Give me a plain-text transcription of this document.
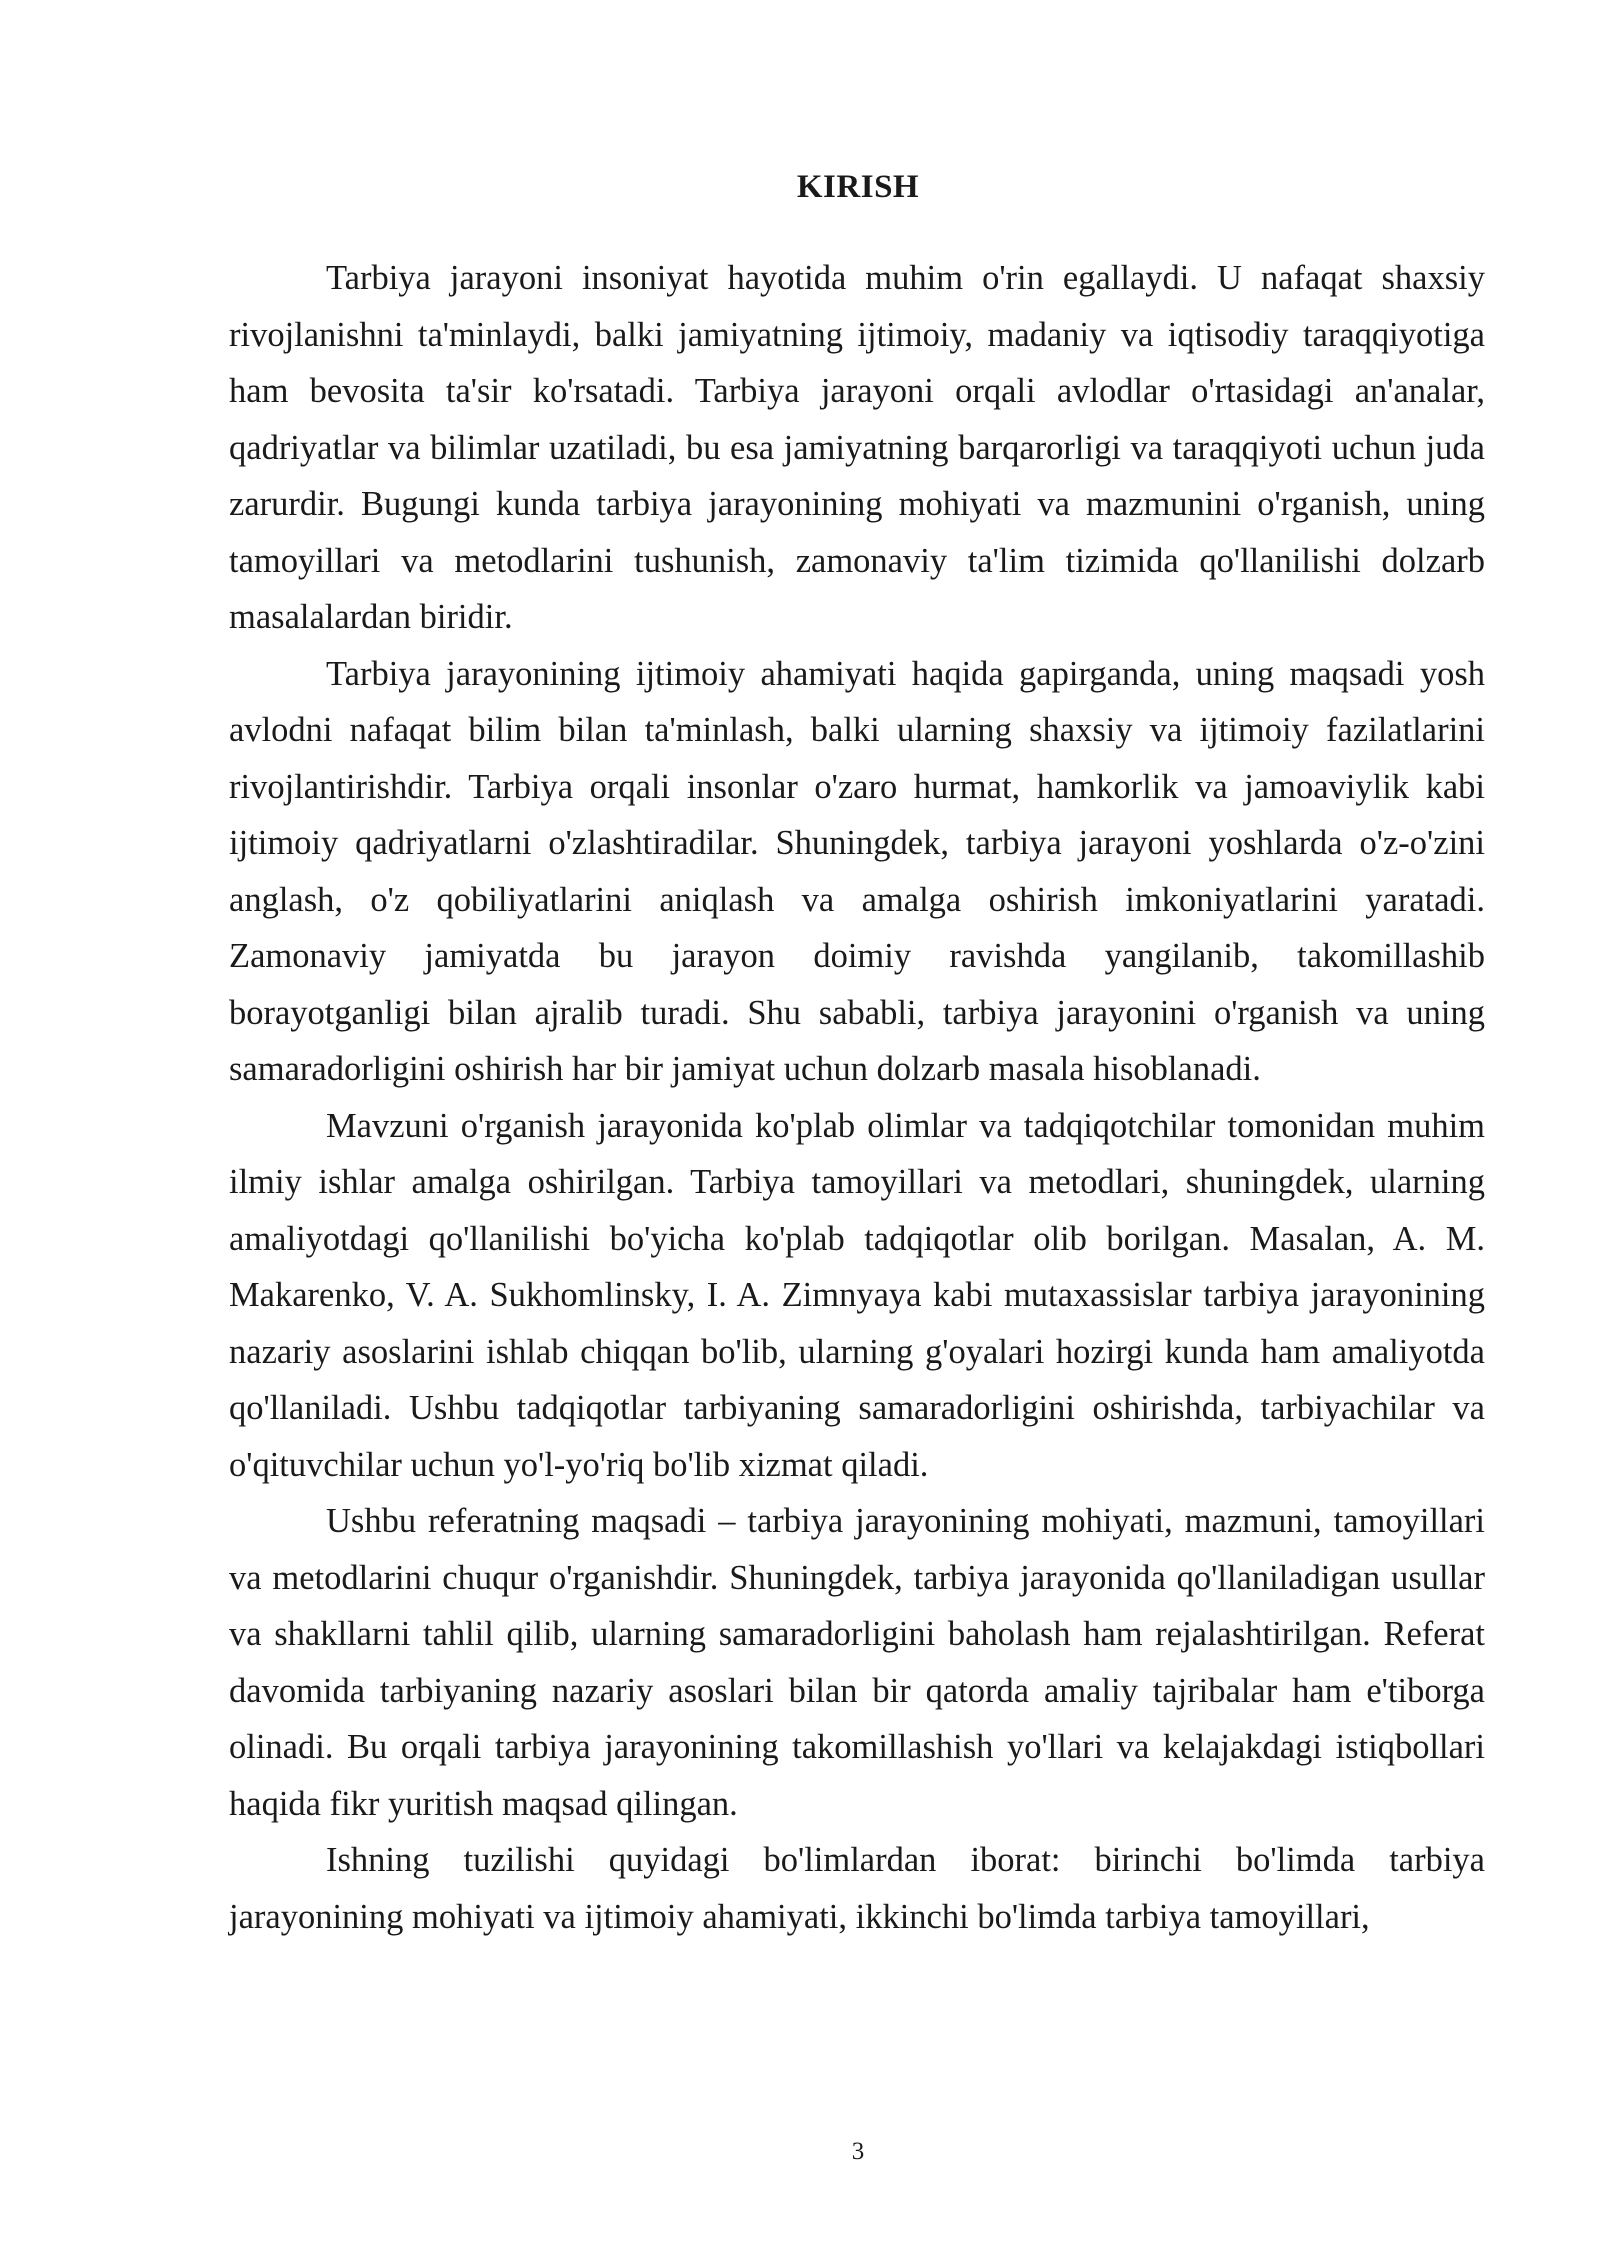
KIRISH

Tarbiya jarayoni insoniyat hayotida muhim o'rin egallaydi. U nafaqat shaxsiy rivojlanishni ta'minlaydi, balki jamiyatning ijtimoiy, madaniy va iqtisodiy taraqqiyotiga ham bevosita ta'sir ko'rsatadi. Tarbiya jarayoni orqali avlodlar o'rtasidagi an'analar, qadriyatlar va bilimlar uzatiladi, bu esa jamiyatning barqarorligi va taraqqiyoti uchun juda zarurdir. Bugungi kunda tarbiya jarayonining mohiyati va mazmunini o'rganish, uning tamoyillari va metodlarini tushunish, zamonaviy ta'lim tizimida qo'llanilishi dolzarb masalalardan biridir.

Tarbiya jarayonining ijtimoiy ahamiyati haqida gapirganda, uning maqsadi yosh avlodni nafaqat bilim bilan ta'minlash, balki ularning shaxsiy va ijtimoiy fazilatlarini rivojlantirishdir. Tarbiya orqali insonlar o'zaro hurmat, hamkorlik va jamoaviylik kabi ijtimoiy qadriyatlarni o'zlashtiradilar. Shuningdek, tarbiya jarayoni yoshlarda o'z-o'zini anglash, o'z qobiliyatlarini aniqlash va amalga oshirish imkoniyatlarini yaratadi. Zamonaviy jamiyatda bu jarayon doimiy ravishda yangilanib, takomillashib borayotganligi bilan ajralib turadi. Shu sababli, tarbiya jarayonini o'rganish va uning samaradorligini oshirish har bir jamiyat uchun dolzarb masala hisoblanadi.

Mavzuni o'rganish jarayonida ko'plab olimlar va tadqiqotchilar tomonidan muhim ilmiy ishlar amalga oshirilgan. Tarbiya tamoyillari va metodlari, shuningdek, ularning amaliyotdagi qo'llanilishi bo'yicha ko'plab tadqiqotlar olib borilgan. Masalan, A. M. Makarenko, V. A. Sukhomlinsky, I. A. Zimnyaya kabi mutaxassislar tarbiya jarayonining nazariy asoslarini ishlab chiqqan bo'lib, ularning g'oyalari hozirgi kunda ham amaliyotda qo'llaniladi. Ushbu tadqiqotlar tarbiyaning samaradorligini oshirishda, tarbiyachilar va o'qituvchilar uchun yo'l-yo'riq bo'lib xizmat qiladi.

Ushbu referatning maqsadi – tarbiya jarayonining mohiyati, mazmuni, tamoyillari va metodlarini chuqur o'rganishdir. Shuningdek, tarbiya jarayonida qo'llaniladigan usullar va shakllarni tahlil qilib, ularning samaradorligini baholash ham rejalashtirilgan. Referat davomida tarbiyaning nazariy asoslari bilan bir qatorda amaliy tajribalar ham e'tiborga olinadi. Bu orqali tarbiya jarayonining takomillashish yo'llari va kelajakdagi istiqbollari haqida fikr yuritish maqsad qilingan.

Ishning tuzilishi quyidagi bo'limlardan iborat: birinchi bo'limda tarbiya jarayonining mohiyati va ijtimoiy ahamiyati, ikkinchi bo'limda tarbiya tamoyillari,

3
